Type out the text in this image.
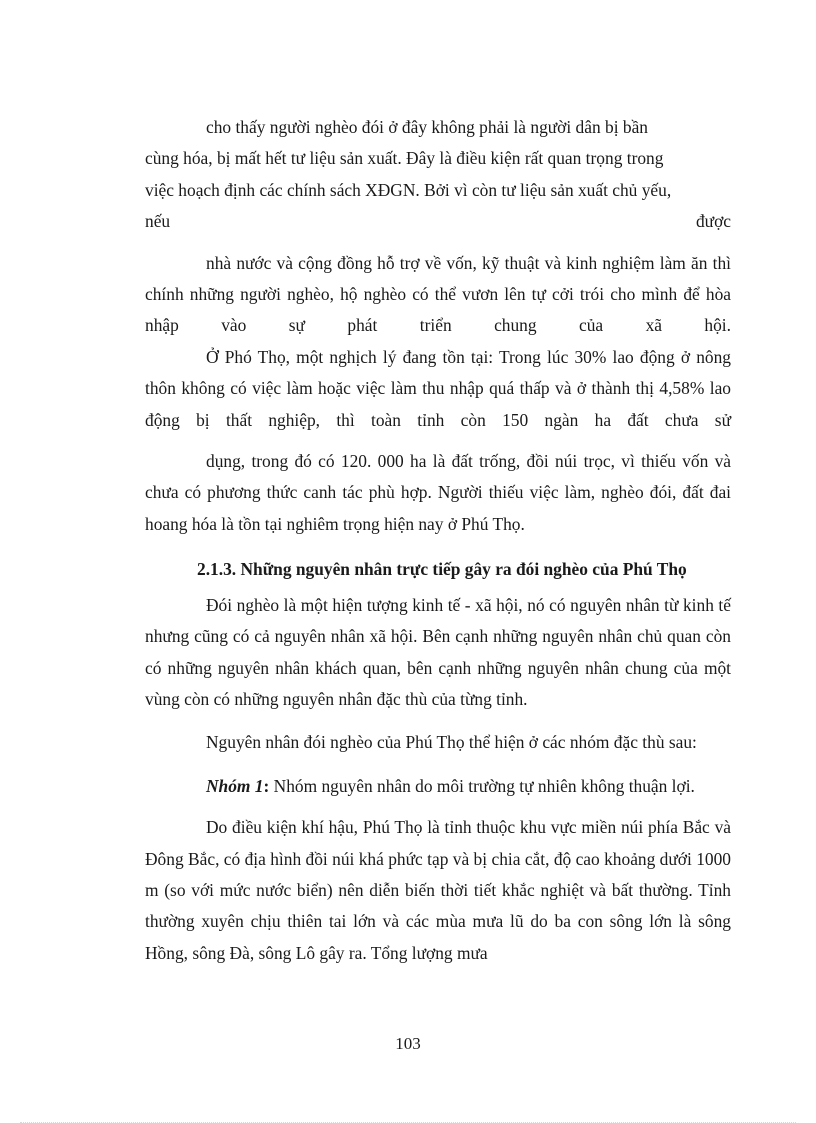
cho thấy người nghèo đói ở đây không phải là người dân bị bần

cùng hóa, bị mất hết tư liệu sản xuất. Đây là điều kiện rất quan trọng trong

việc hoạch định các chính sách XĐGN. Bởi vì còn tư liệu sản xuất chủ yếu,

nếu	được

nhà nước và cộng đồng hỗ trợ về vốn, kỹ thuật và kinh nghiệm làm ăn thì chính những người nghèo, hộ nghèo có thể vươn lên tự cởi trói cho mình để hòa nhập vào sự phát triển chung của xã hội.

Ở Phó Thọ, một nghịch lý đang tồn tại: Trong lúc 30% lao động ở nông thôn không có việc làm hoặc việc làm thu nhập quá thấp và ở thành thị 4,58% lao động bị thất nghiệp, thì toàn tỉnh còn 150 ngàn ha đất chưa sử

dụng, trong đó có 120. 000 ha là đất trống, đồi núi trọc, vì thiếu vốn và chưa có phương thức canh tác phù hợp. Người thiếu việc làm, nghèo đói, đất đai hoang hóa là tồn tại nghiêm trọng hiện nay ở Phú Thọ.

2.1.3. Những nguyên nhân trực tiếp gây ra đói nghèo của Phú Thọ

Đói nghèo là một hiện tượng kinh tế - xã hội, nó có nguyên nhân từ kinh tế nhưng cũng có cả nguyên nhân xã hội. Bên cạnh những nguyên nhân chủ quan còn có những nguyên nhân khách quan, bên cạnh những nguyên nhân chung của một vùng còn có những nguyên nhân đặc thù của từng tỉnh.

Nguyên nhân đói nghèo của Phú Thọ thể hiện ở các nhóm đặc thù sau:

Nhóm 1: Nhóm nguyên nhân do môi trường tự nhiên không thuận lợi.

Do điều kiện khí hậu, Phú Thọ là tỉnh thuộc khu vực miền núi phía Bắc và Đông Bắc, có địa hình đồi núi khá phức tạp và bị chia cắt, độ cao khoảng dưới 1000 m (so với mức nước biển) nên diễn biến thời tiết khắc nghiệt và bất thường. Tỉnh thường xuyên chịu thiên tai lớn và các mùa mưa lũ do ba con sông lớn là sông Hồng, sông Đà, sông Lô gây ra. Tổng lượng mưa

103
